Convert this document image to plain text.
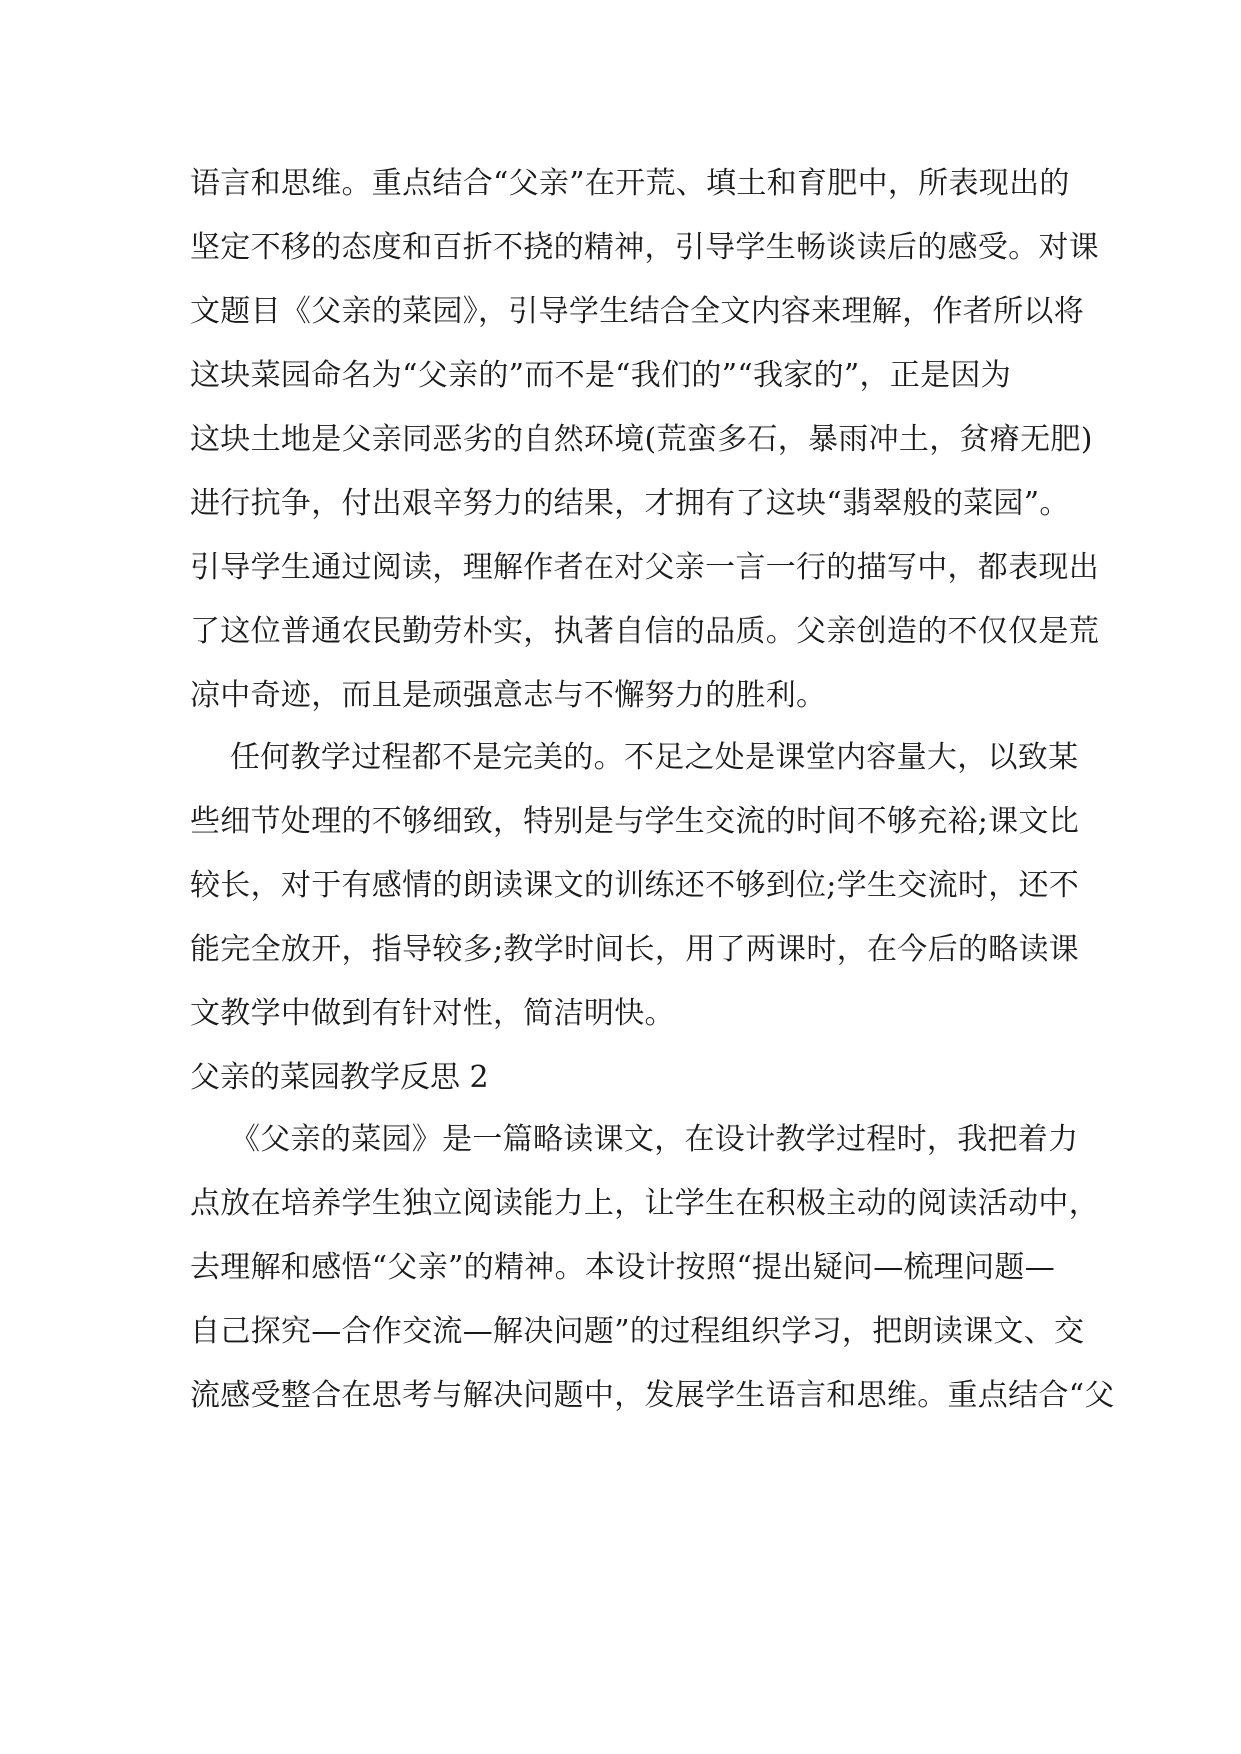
语言和思维。重点结合“父亲”在开荒、填土和育肥中，所表现出的
坚定不移的态度和百折不挠的精神，引导学生畅谈读后的感受。对课
文题目《父亲的菜园》，引导学生结合全文内容来理解，作者所以将
这块菜园命名为“父亲的”而不是“我们的”“我家的”，正是因为
这块土地是父亲同恶劣的自然环境(荒蛮多石，暴雨冲土，贫瘠无肥)
进行抗争，付出艰辛努力的结果，才拥有了这块“翡翠般的菜园”。
引导学生通过阅读，理解作者在对父亲一言一行的描写中，都表现出
了这位普通农民勤劳朴实，执著自信的品质。父亲创造的不仅仅是荒
凉中奇迹，而且是顽强意志与不懈努力的胜利。
任何教学过程都不是完美的。不足之处是课堂内容量大，以致某
些细节处理的不够细致，特别是与学生交流的时间不够充裕;课文比
较长，对于有感情的朗读课文的训练还不够到位;学生交流时，还不
能完全放开，指导较多;教学时间长，用了两课时，在今后的略读课
文教学中做到有针对性，简洁明快。
父亲的菜园教学反思 2
《父亲的菜园》是一篇略读课文，在设计教学过程时，我把着力
点放在培养学生独立阅读能力上，让学生在积极主动的阅读活动中，
去理解和感悟“父亲”的精神。本设计按照“提出疑问—梳理问题—
自己探究—合作交流—解决问题”的过程组织学习，把朗读课文、交
流感受整合在思考与解决问题中，发展学生语言和思维。重点结合“父
